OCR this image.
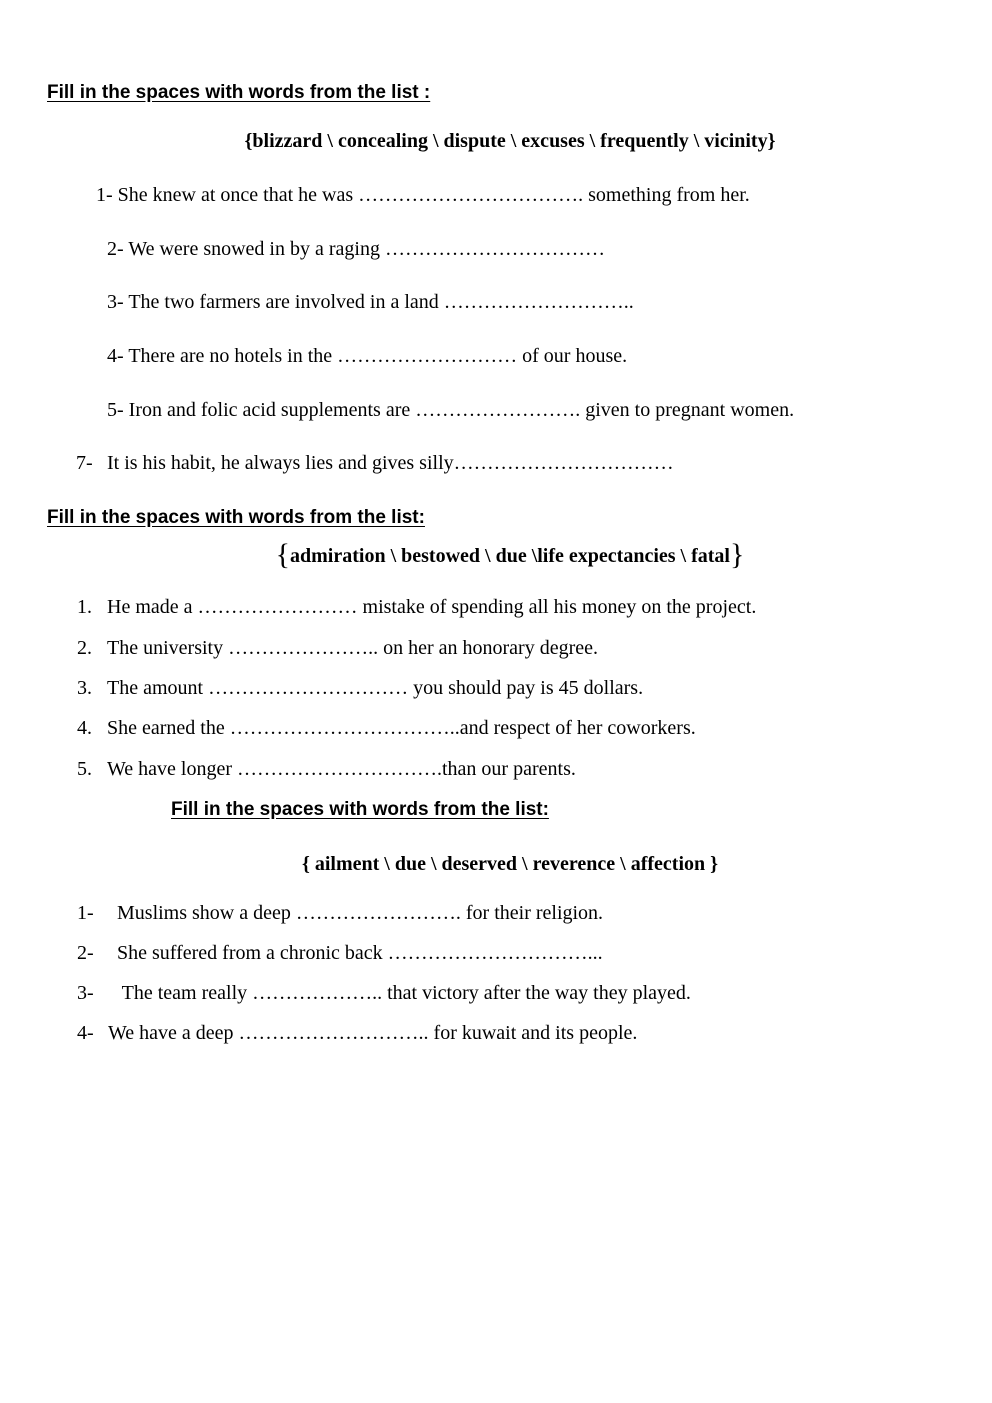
Fill in the spaces with words from the list :
{blizzard \ concealing \ dispute \ excuses \ frequently \ vicinity}
1- She knew at once that he was ……………………………. something from her.
2- We were snowed in by a raging ……………………………
3- The two farmers are involved in a land ………………………..
4- There are no hotels in the ……………………… of our house.
5- Iron and folic acid supplements are ……………………. given to pregnant women.
7- It is his habit, he always lies and gives silly……………………………
Fill in the spaces with words from the list:
{admiration \ bestowed \ due \life expectancies \ fatal}
1. He made a …………………… mistake of spending all his money on the project.
2. The university ………………….. on her an honorary degree.
3. The amount ………………………… you should pay is 45 dollars.
4. She earned the ……………………………..and respect of her coworkers.
5. We have longer ………………………….than our parents.
Fill in the spaces with words from the list:
{ ailment \ due \ deserved \ reverence \ affection }
1- Muslims show a deep ……………………. for their religion.
2- She suffered from a chronic back …………………………...
3- The team really ……………….. that victory after the way they played.
4- We have a deep ……………………….. for kuwait and its people.
